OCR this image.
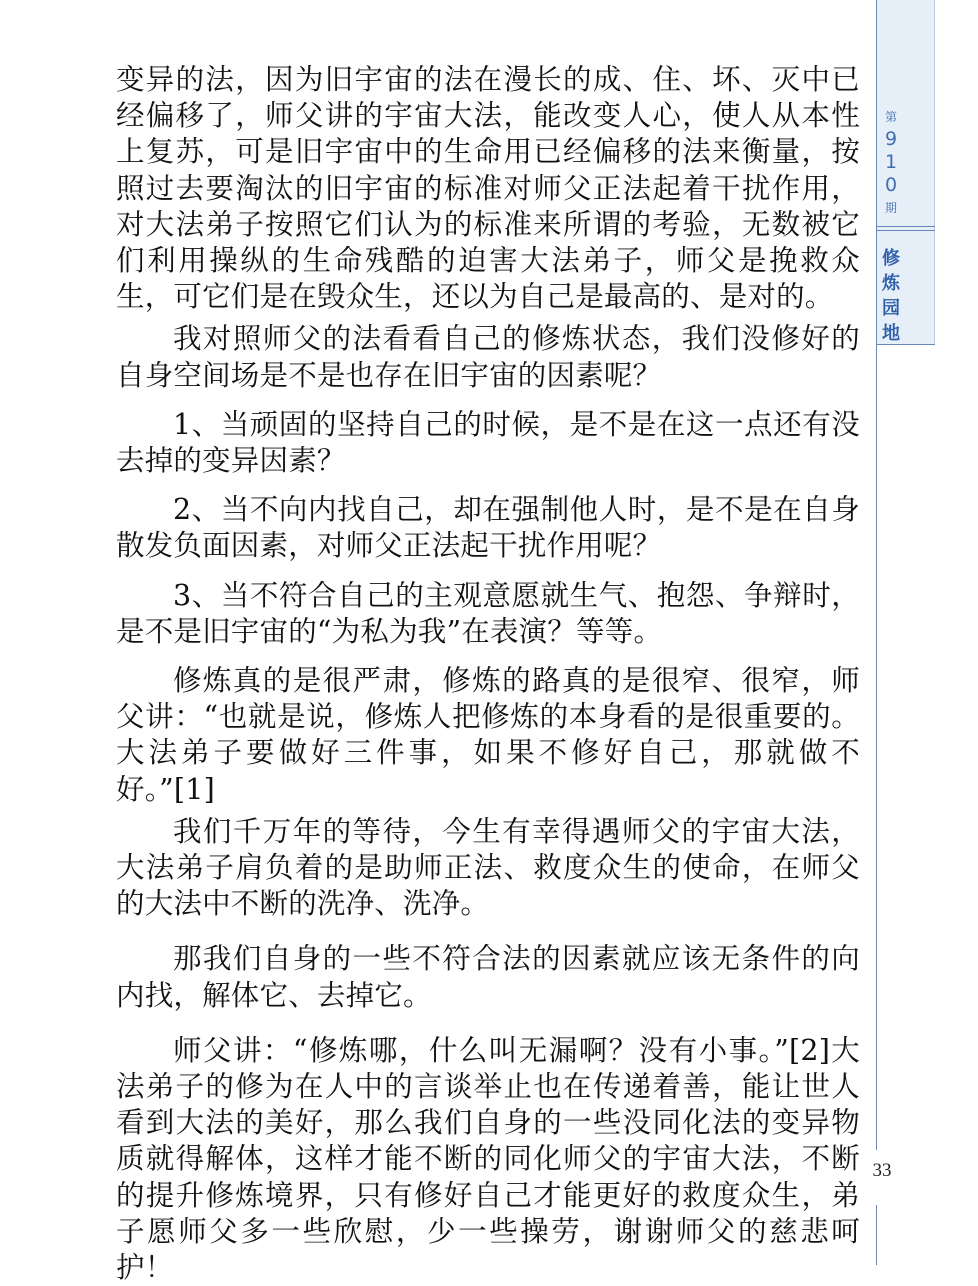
第
9
1
0
期
修
炼
园
地

变异的法，因为旧宇宙的法在漫长的成、住、坏、灭中已经偏移了，师父讲的宇宙大法，能改变人心，使人从本性上复苏，可是旧宇宙中的生命用已经偏移的法来衡量，按照过去要淘汰的旧宇宙的标准对师父正法起着干扰作用，对大法弟子按照它们认为的标准来所谓的考验，无数被它们利用操纵的生命残酷的迫害大法弟子，师父是挽救众生，可它们是在毁众生，还以为自己是最高的、是对的。

我对照师父的法看看自己的修炼状态，我们没修好的自身空间场是不是也存在旧宇宙的因素呢？

1、当顽固的坚持自己的时候，是不是在这一点还有没去掉的变异因素？

2、当不向内找自己，却在强制他人时，是不是在自身散发负面因素，对师父正法起干扰作用呢？

3、当不符合自己的主观意愿就生气、抱怨、争辩时，是不是旧宇宙的“为私为我”在表演？等等。

修炼真的是很严肃，修炼的路真的是很窄、很窄，师父讲：“也就是说，修炼人把修炼的本身看的是很重要的。大法弟子要做好三件事，如果不修好自己，那就做不好。”[1]

我们千万年的等待，今生有幸得遇师父的宇宙大法，大法弟子肩负着的是助师正法、救度众生的使命，在师父的大法中不断的洗净、洗净。

那我们自身的一些不符合法的因素就应该无条件的向内找，解体它、去掉它。

师父讲：“修炼哪，什么叫无漏啊？没有小事。”[2]大法弟子的修为在人中的言谈举止也在传递着善，能让世人看到大法的美好，那么我们自身的一些没同化法的变异物质就得解体，这样才能不断的同化师父的宇宙大法，不断的提升修炼境界，只有修好自己才能更好的救度众生，弟子愿师父多一些欣慰，少一些操劳，谢谢师父的慈悲呵护！

33
